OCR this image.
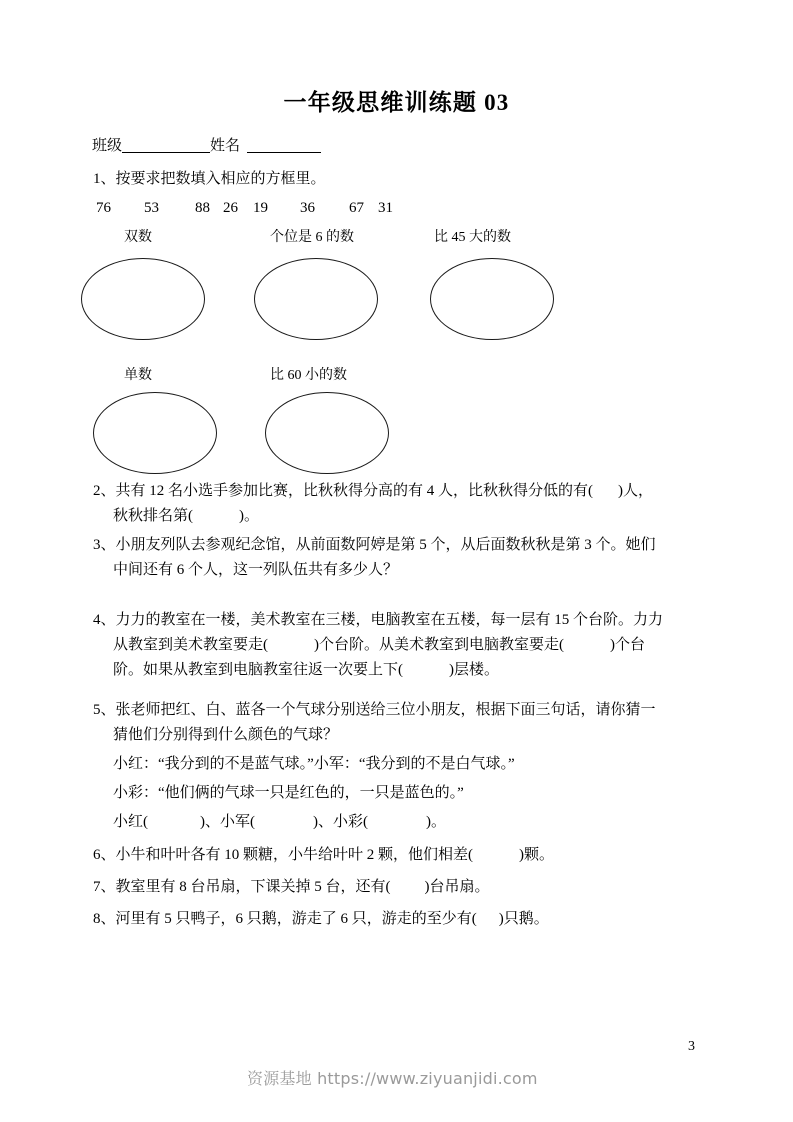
一年级思维训练题 03
班级	姓名
1、按要求把数填入相应的方框里。
76 53 88 26 19 36 67 31
双数	个位是 6 的数	比 45 大的数
单数	比 60 小的数
2、共有 12 名小选手参加比赛，比秋秋得分高的有 4 人，比秋秋得分低的有( )人，
秋秋排名第(	)。
3、小朋友列队去参观纪念馆，从前面数阿婷是第 5 个，从后面数秋秋是第 3 个。她们
中间还有 6 个人，这一列队伍共有多少人？
4、力力的教室在一楼，美术教室在三楼，电脑教室在五楼，每一层有 15 个台阶。力力
从教室到美术教室要走(	)个台阶。从美术教室到电脑教室要走(	)个台
阶。如果从教室到电脑教室往返一次要上下(	)层楼。
5、张老师把红、白、蓝各一个气球分别送给三位小朋友，根据下面三句话，请你猜一
猜他们分别得到什么颜色的气球？
小红：“我分到的不是蓝气球。”小军：“我分到的不是白气球。”
小彩：“他们俩的气球一只是红色的，一只是蓝色的。”
小红(	)、小军(	)、小彩(	)。
6、小牛和叶叶各有 10 颗糖，小牛给叶叶 2 颗，他们相差(	)颗。
7、教室里有 8 台吊扇，下课关掉 5 台，还有( )台吊扇。
8、河里有 5 只鸭子，6 只鹅，游走了 6 只，游走的至少有( )只鹅。
3
资源基地 https://www.ziyuanjidi.com
